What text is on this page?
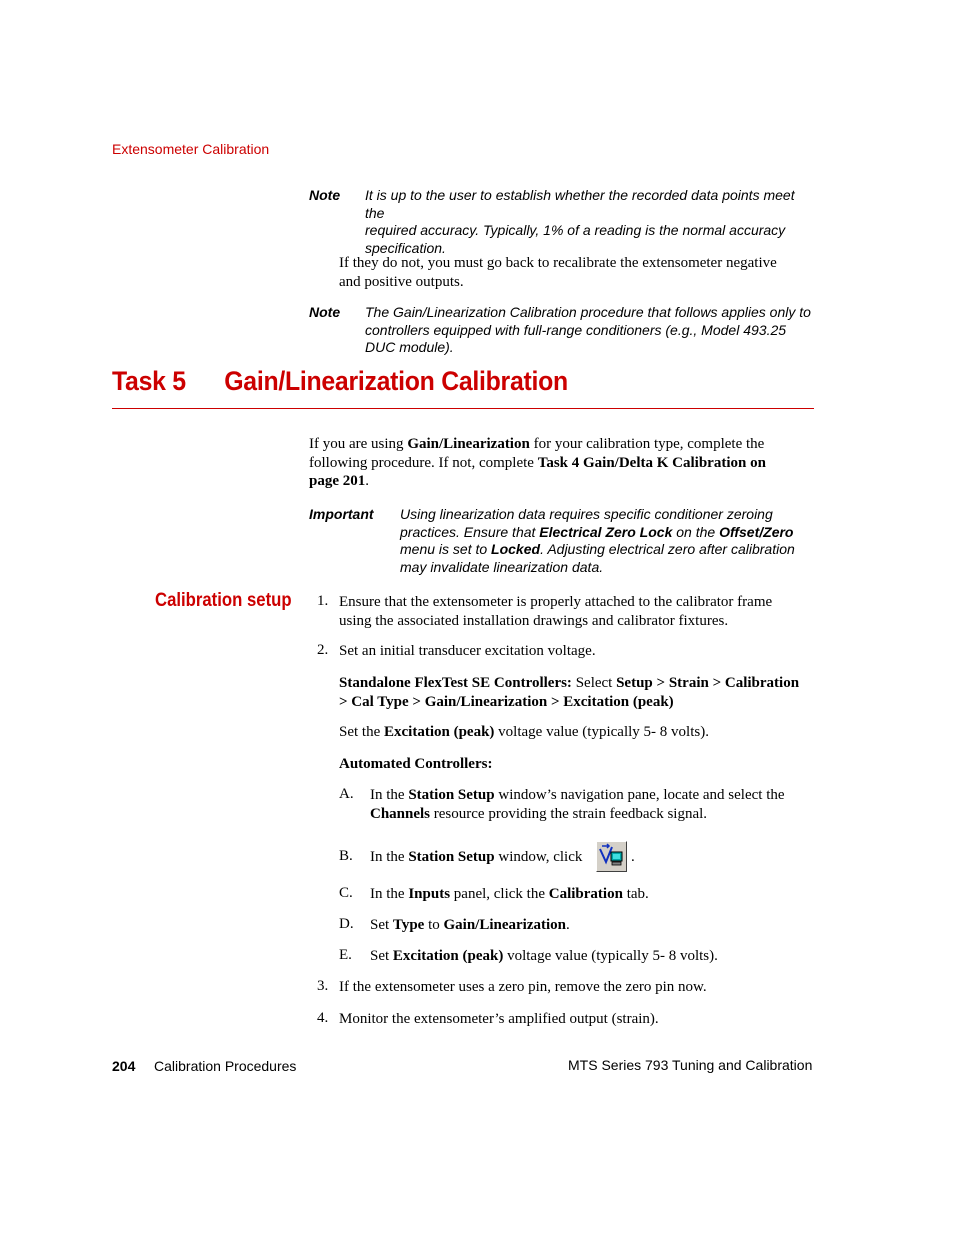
Extensometer Calibration
Note It is up to the user to establish whether the recorded data points meet the
required accuracy. Typically, 1% of a reading is the normal accuracy
specification.
If they do not, you must go back to recalibrate the extensometer negative
and positive outputs.
Note The Gain/Linearization Calibration procedure that follows applies only to
controllers equipped with full-range conditioners (e.g., Model 493.25
DUC module).
Task 5 Gain/Linearization Calibration
If you are using Gain/Linearization for your calibration type, complete the
following procedure. If not, complete Task 4 Gain/Delta K Calibration on
page 201.
Important Using linearization data requires specific conditioner zeroing
practices. Ensure that Electrical Zero Lock on the Offset/Zero
menu is set to Locked. Adjusting electrical zero after calibration
may invalidate linearization data.
Calibration setup 1. Ensure that the extensometer is properly attached to the calibrator frame
using the associated installation drawings and calibrator fixtures.
2. Set an initial transducer excitation voltage.
Standalone FlexTest SE Controllers: Select Setup > Strain > Calibration
> Cal Type > Gain/Linearization > Excitation (peak)
Set the Excitation (peak) voltage value (typically 5- 8 volts).
Automated Controllers:
A. In the Station Setup window’s navigation pane, locate and select the
Channels resource providing the strain feedback signal.
B. In the Station Setup window, click	.
C. In the Inputs panel, click the Calibration tab.
D. Set Type to Gain/Linearization.
E. Set Excitation (peak) voltage value (typically 5- 8 volts).
3. If the extensometer uses a zero pin, remove the zero pin now.
4. Monitor the extensometer’s amplified output (strain).
204 Calibration Procedures	MTS Series 793 Tuning and Calibration
